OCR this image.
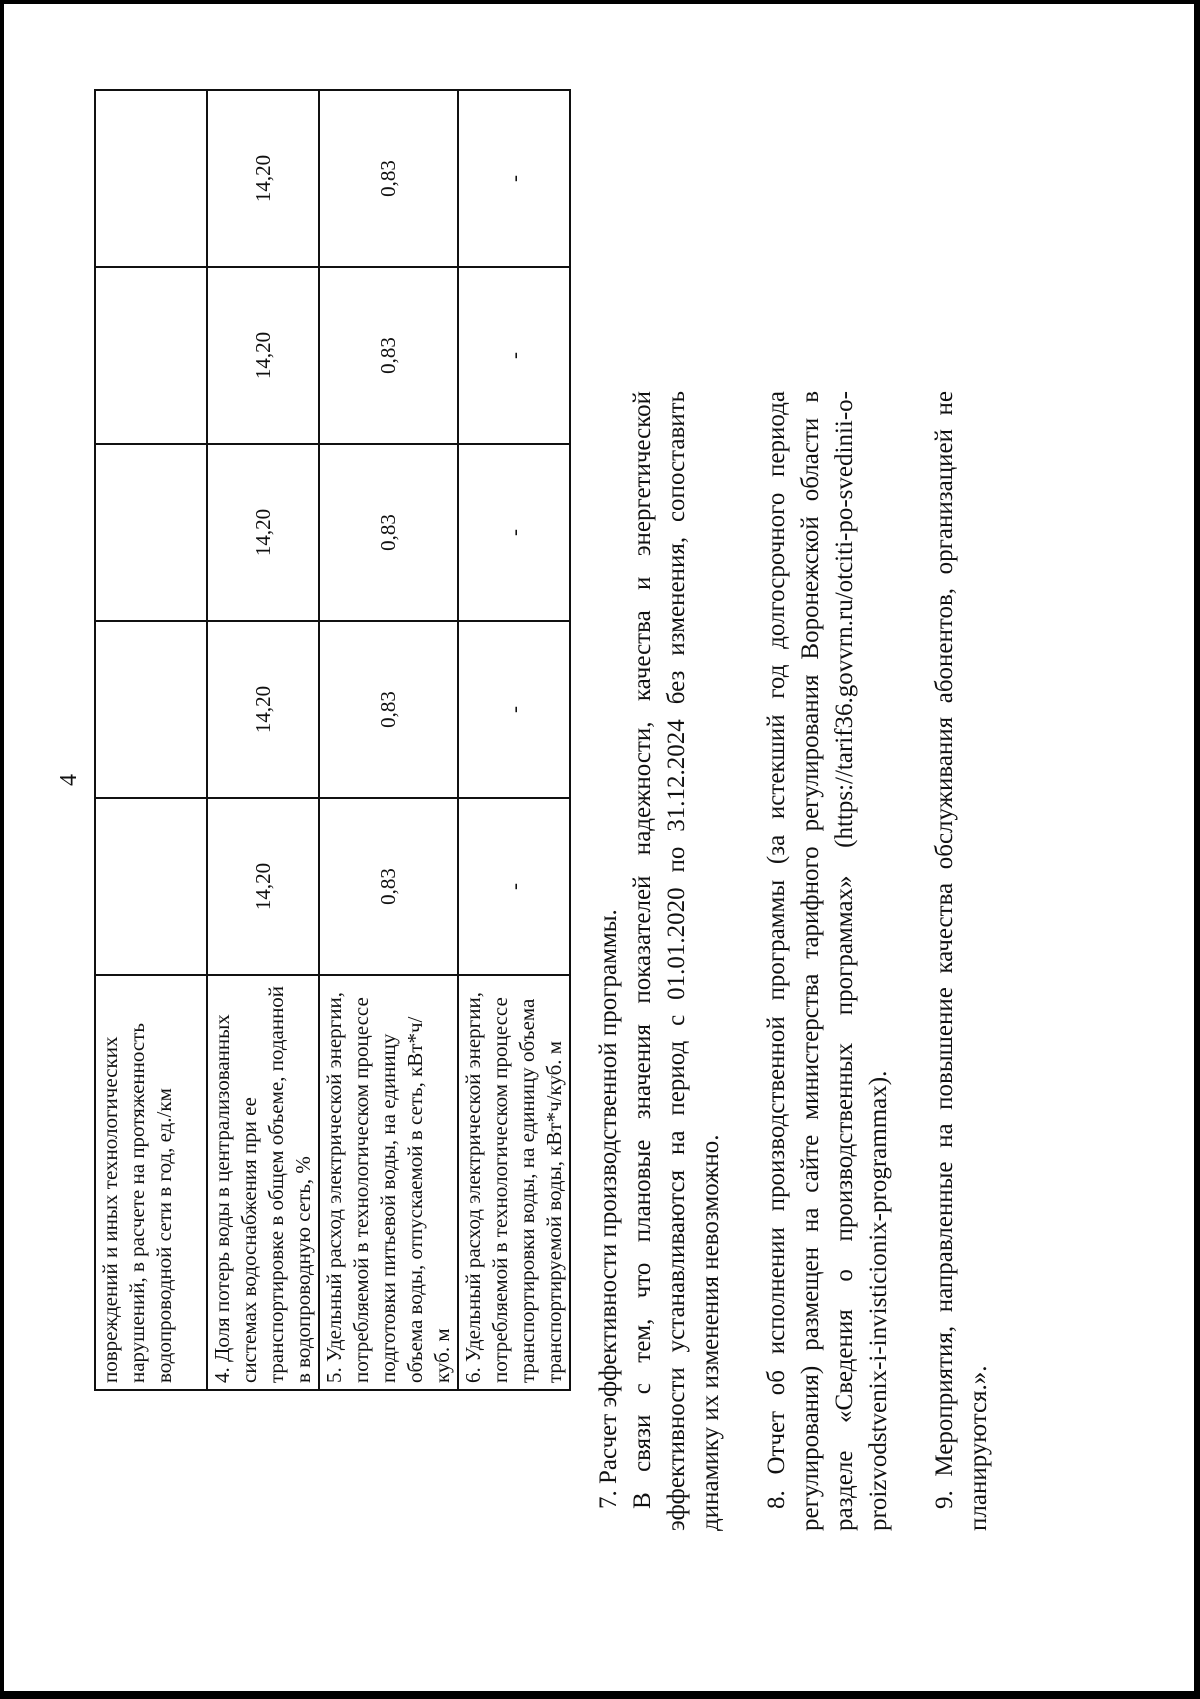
4
повреждений и иных технологических нарушений, в расчете на протяженность водопроводной сети в год, ед./км					
4. Доля потерь воды в централизованных системах водоснабжения при ее транспортировке в общем объеме, поданной в водопроводную сеть, %	14,20	14,20	14,20	14,20	14,20
5. Удельный расход электрической энергии, потребляемой в технологическом процессе подготовки питьевой воды, на единицу объема воды, отпускаемой в сеть, кВт*ч/куб. м	0,83	0,83	0,83	0,83	0,83
6. Удельный расход электрической энергии, потребляемой в технологическом процессе транспортировки воды, на единицу объема транспортируемой воды, кВт*ч/куб. м	-	-	-	-	-

7. Расчет эффективности производственной программы. В связи с тем, что плановые значения показателей надежности, качества и энергетической эффективности устанавливаются на период с 01.01.2020 по 31.12.2024 без изменения, сопоставить динамику их изменения невозможно. 8. Отчет об исполнении производственной программы (за истекший год долгосрочного периода регулирования) размещен на сайте министерства тарифного регулирования Воронежской области в разделе «Сведения о производственных программах» (https://tarif36.govvrn.ru/otciti-po-svedinii-o-proizvodstvenix-i-invisticionix-programmax). 9. Мероприятия, направленные на повышение качества обслуживания абонентов, организацией не планируются.».
